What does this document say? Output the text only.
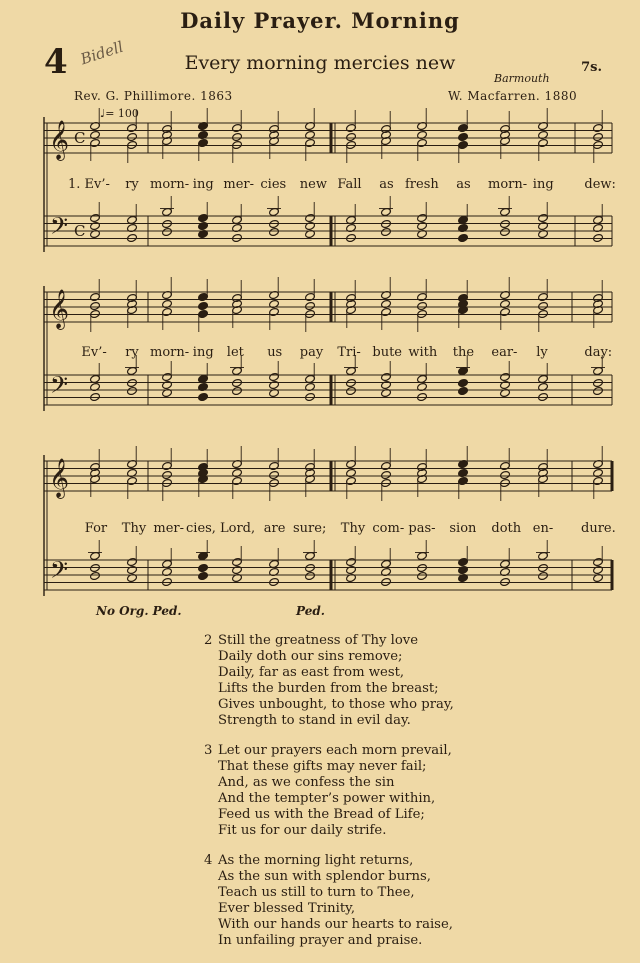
Daily Prayer. Morning
4 Bidell	Every morning mercies new	7s.
Barmouth
Rev. G. Phillimore. 1863	W. Macfarren. 1880
♩= 100
𝄞
𝄢
C
C
𝄞
𝄢
𝄞
𝄢
1. Ev’- ry morn- ing mer- cies new Fall as fresh as morn- ing dew:
Ev’- ry morn- ing let us pay Tri- bute with the ear- ly	day:
For Thy mer- cies, Lord, are sure; Thy com- pas- sion doth en- dure.
No Org. Ped.	Ped.
2 Still the greatness of Thy love
Daily doth our sins remove;
Daily, far as east from west,
Lifts the burden from the breast;
Gives unbought, to those who pray,
Strength to stand in evil day.
3 Let our prayers each morn prevail,
That these gifts may never fail;
And, as we confess the sin
And the tempter’s power within,
Feed us with the Bread of Life;
Fit us for our daily strife.
4 As the morning light returns,
As the sun with splendor burns,
Teach us still to turn to Thee,
Ever blessed Trinity,
With our hands our hearts to raise,
In unfailing prayer and praise.
